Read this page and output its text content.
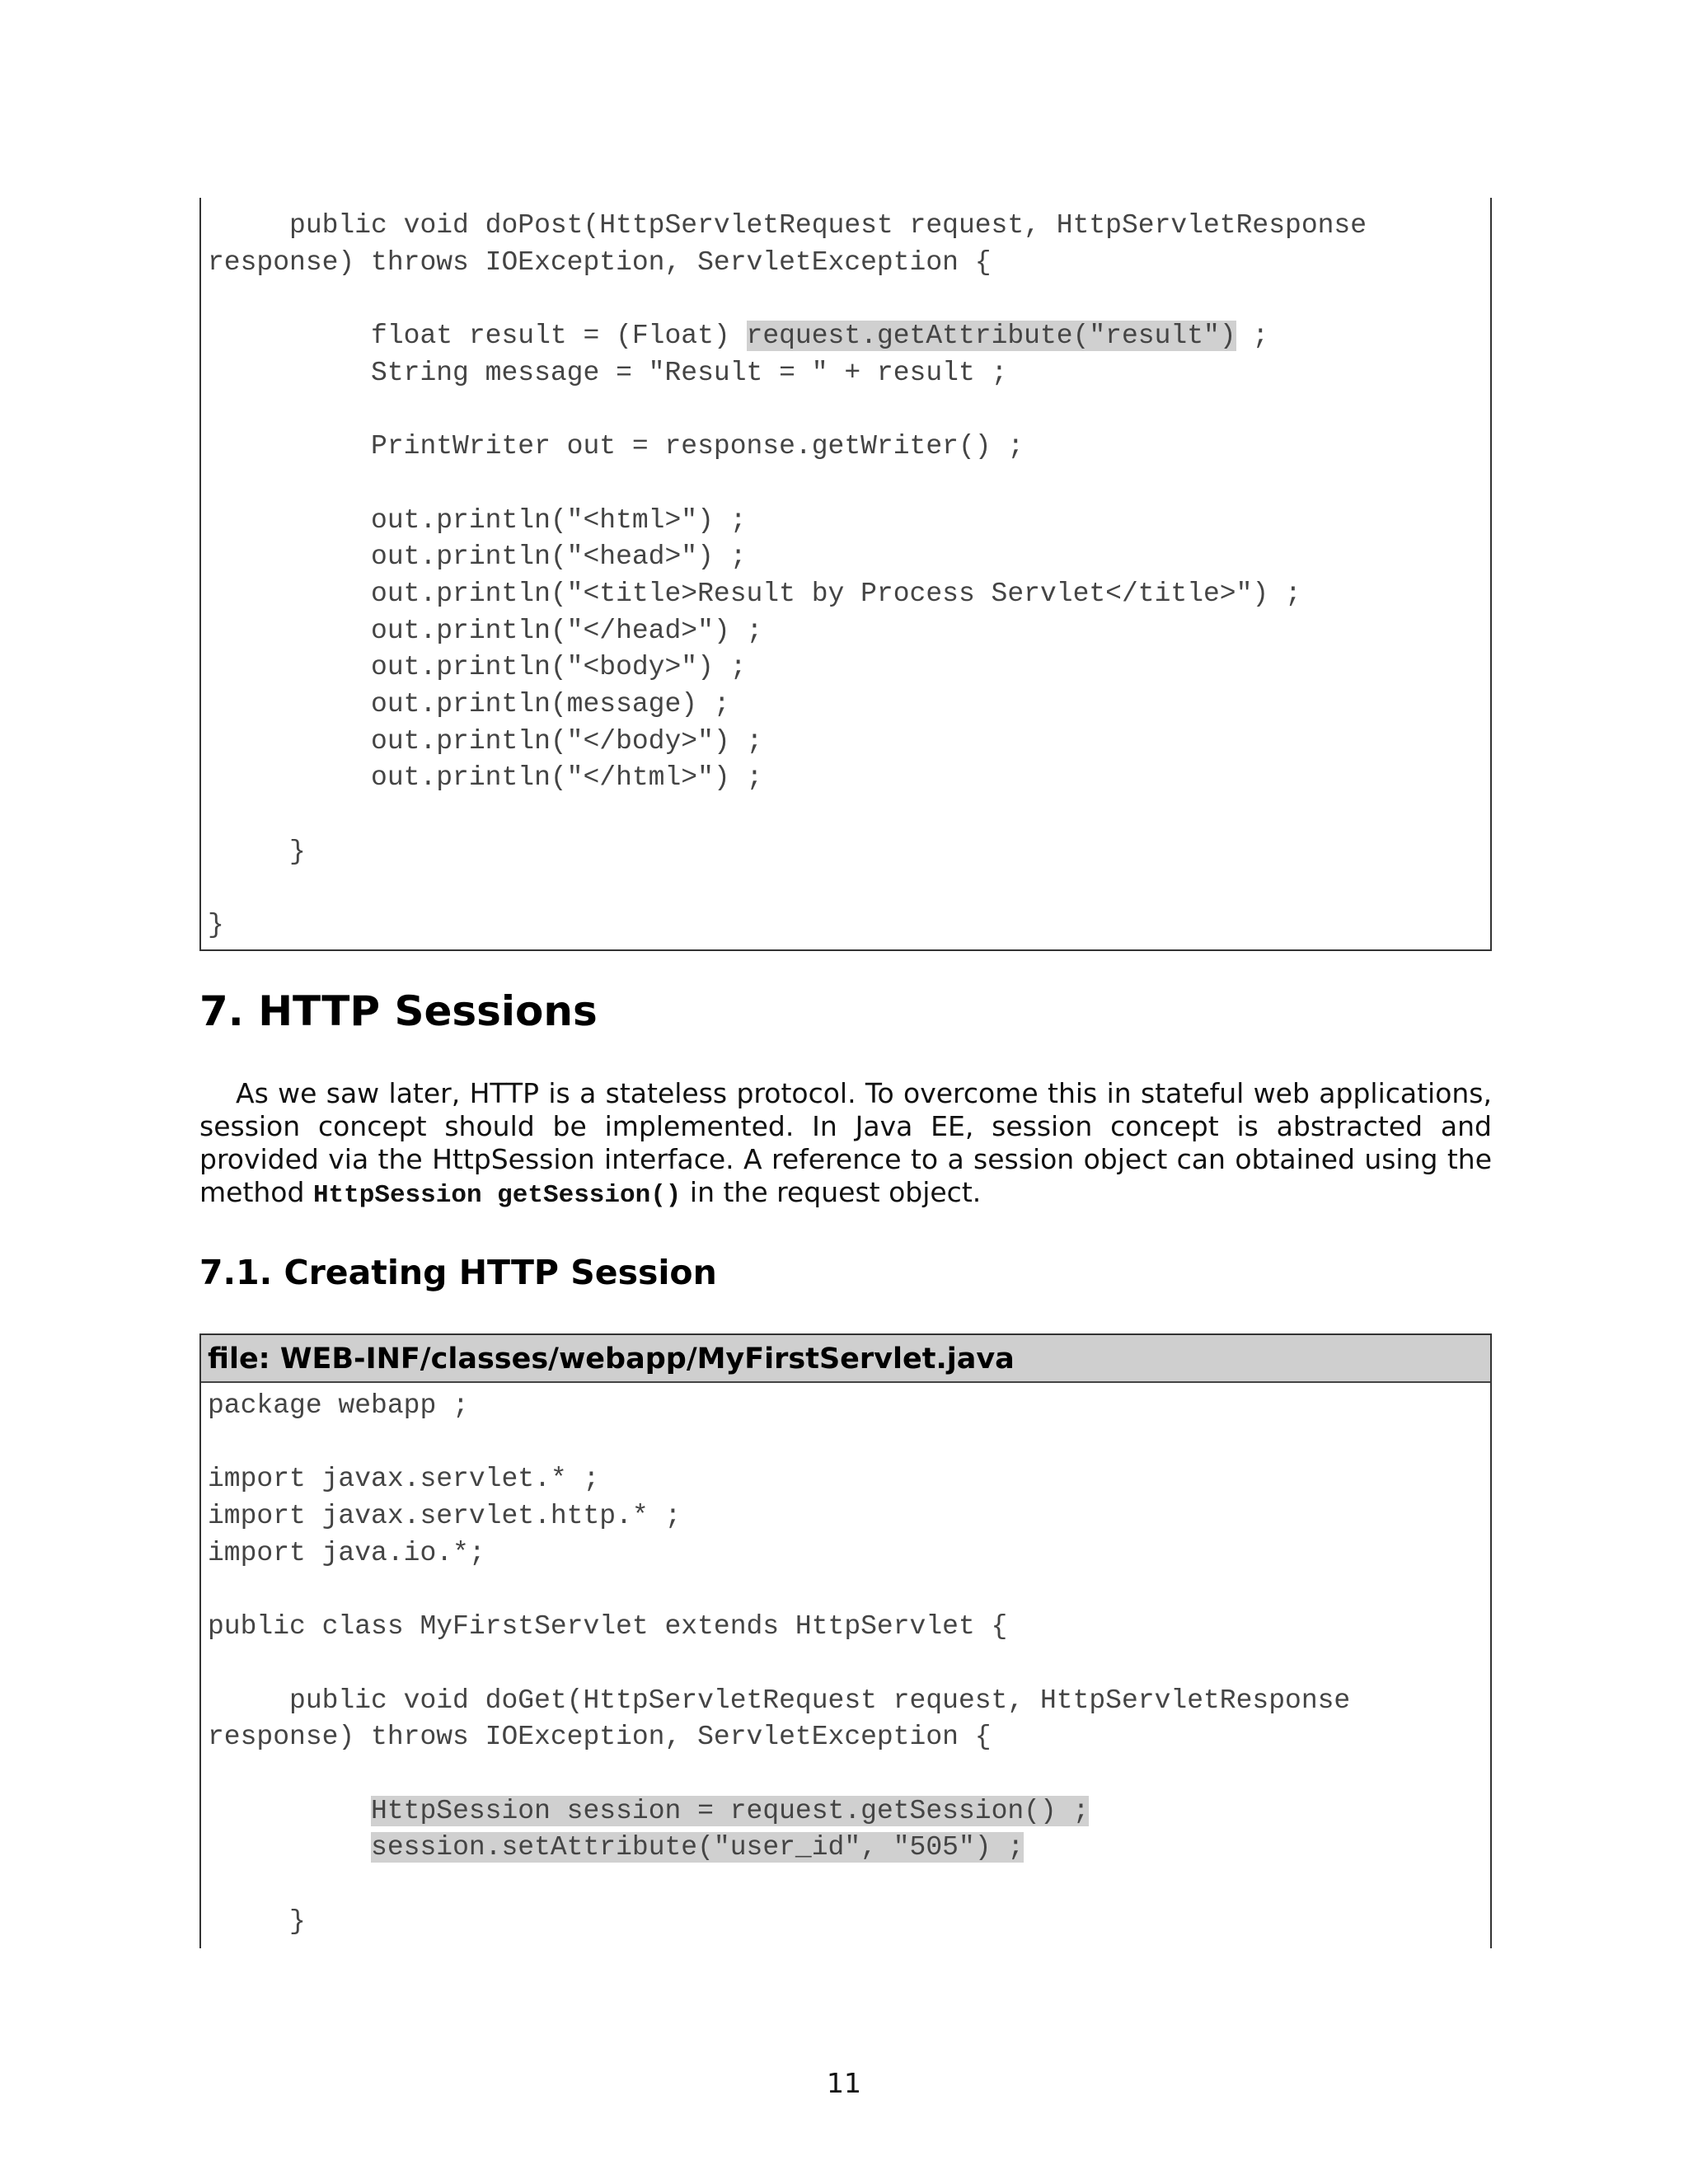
public void doPost(HttpServletRequest request, HttpServletResponse
response) throws IOException, ServletException {
float result = (Float) request.getAttribute("result") ;
String message = "Result = " + result ;
PrintWriter out = response.getWriter() ;
out.println("<html>") ;
out.println("<head>") ;
out.println("<title>Result by Process Servlet</title>") ;
out.println("</head>") ;
out.println("<body>") ;
out.println(message) ;
out.println("</body>") ;
out.println("</html>") ;
}
}
7. HTTP Sessions

As we saw later, HTTP is a stateless protocol. To overcome this in stateful web applications, session concept should be implemented. In Java EE, session concept is abstracted and provided via the HttpSession interface. A reference to a session object can obtained using the method HttpSession getSession() in the request object.

7.1. Creating HTTP Session
file: WEB-INF/classes/webapp/MyFirstServlet.java
package webapp ;
import javax.servlet.* ;
import javax.servlet.http.* ;
import java.io.*;
public class MyFirstServlet extends HttpServlet {
public void doGet(HttpServletRequest request, HttpServletResponse
response) throws IOException, ServletException {
HttpSession session = request.getSession() ;
session.setAttribute("user_id", "505") ;
}
11
